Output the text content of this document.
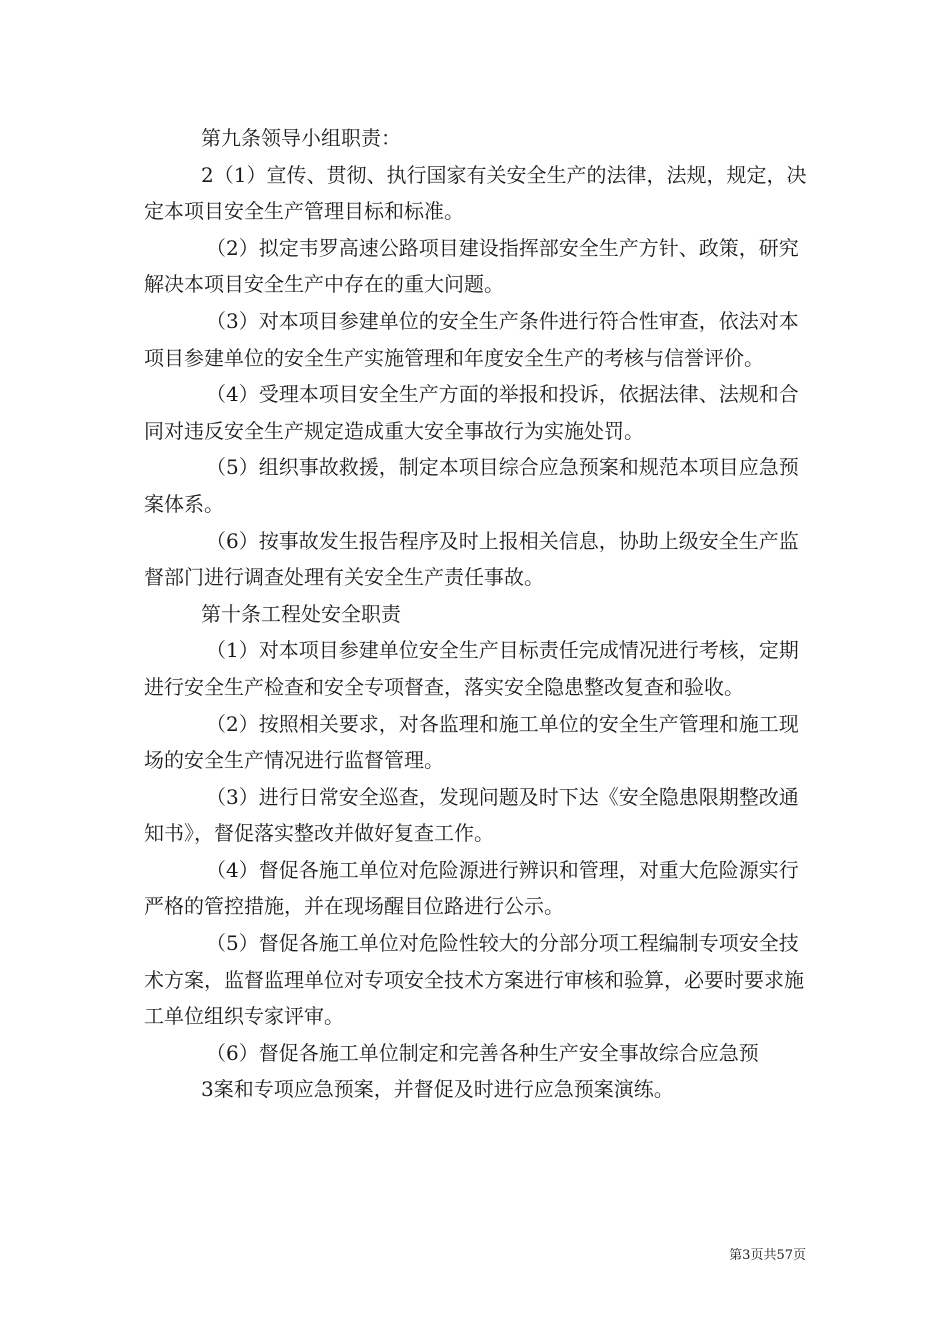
第九条领导小组职责：

2（1）宣传、贯彻、执行国家有关安全生产的法律，法规，规定，决定本项目安全生产管理目标和标准。

（2）拟定韦罗高速公路项目建设指挥部安全生产方针、政策，研究解决本项目安全生产中存在的重大问题。

（3）对本项目参建单位的安全生产条件进行符合性审查，依法对本项目参建单位的安全生产实施管理和年度安全生产的考核与信誉评价。

（4）受理本项目安全生产方面的举报和投诉，依据法律、法规和合同对违反安全生产规定造成重大安全事故行为实施处罚。

（5）组织事故救援，制定本项目综合应急预案和规范本项目应急预案体系。

（6）按事故发生报告程序及时上报相关信息，协助上级安全生产监督部门进行调查处理有关安全生产责任事故。

第十条工程处安全职责

（1）对本项目参建单位安全生产目标责任完成情况进行考核，定期进行安全生产检查和安全专项督查，落实安全隐患整改复查和验收。

（2）按照相关要求，对各监理和施工单位的安全生产管理和施工现场的安全生产情况进行监督管理。

（3）进行日常安全巡查，发现问题及时下达《安全隐患限期整改通知书》，督促落实整改并做好复查工作。

（4）督促各施工单位对危险源进行辨识和管理，对重大危险源实行严格的管控措施，并在现场醒目位路进行公示。

（5）督促各施工单位对危险性较大的分部分项工程编制专项安全技术方案，监督监理单位对专项安全技术方案进行审核和验算，必要时要求施工单位组织专家评审。

（6）督促各施工单位制定和完善各种生产安全事故综合应急预

3案和专项应急预案，并督促及时进行应急预案演练。

第3页共57页
